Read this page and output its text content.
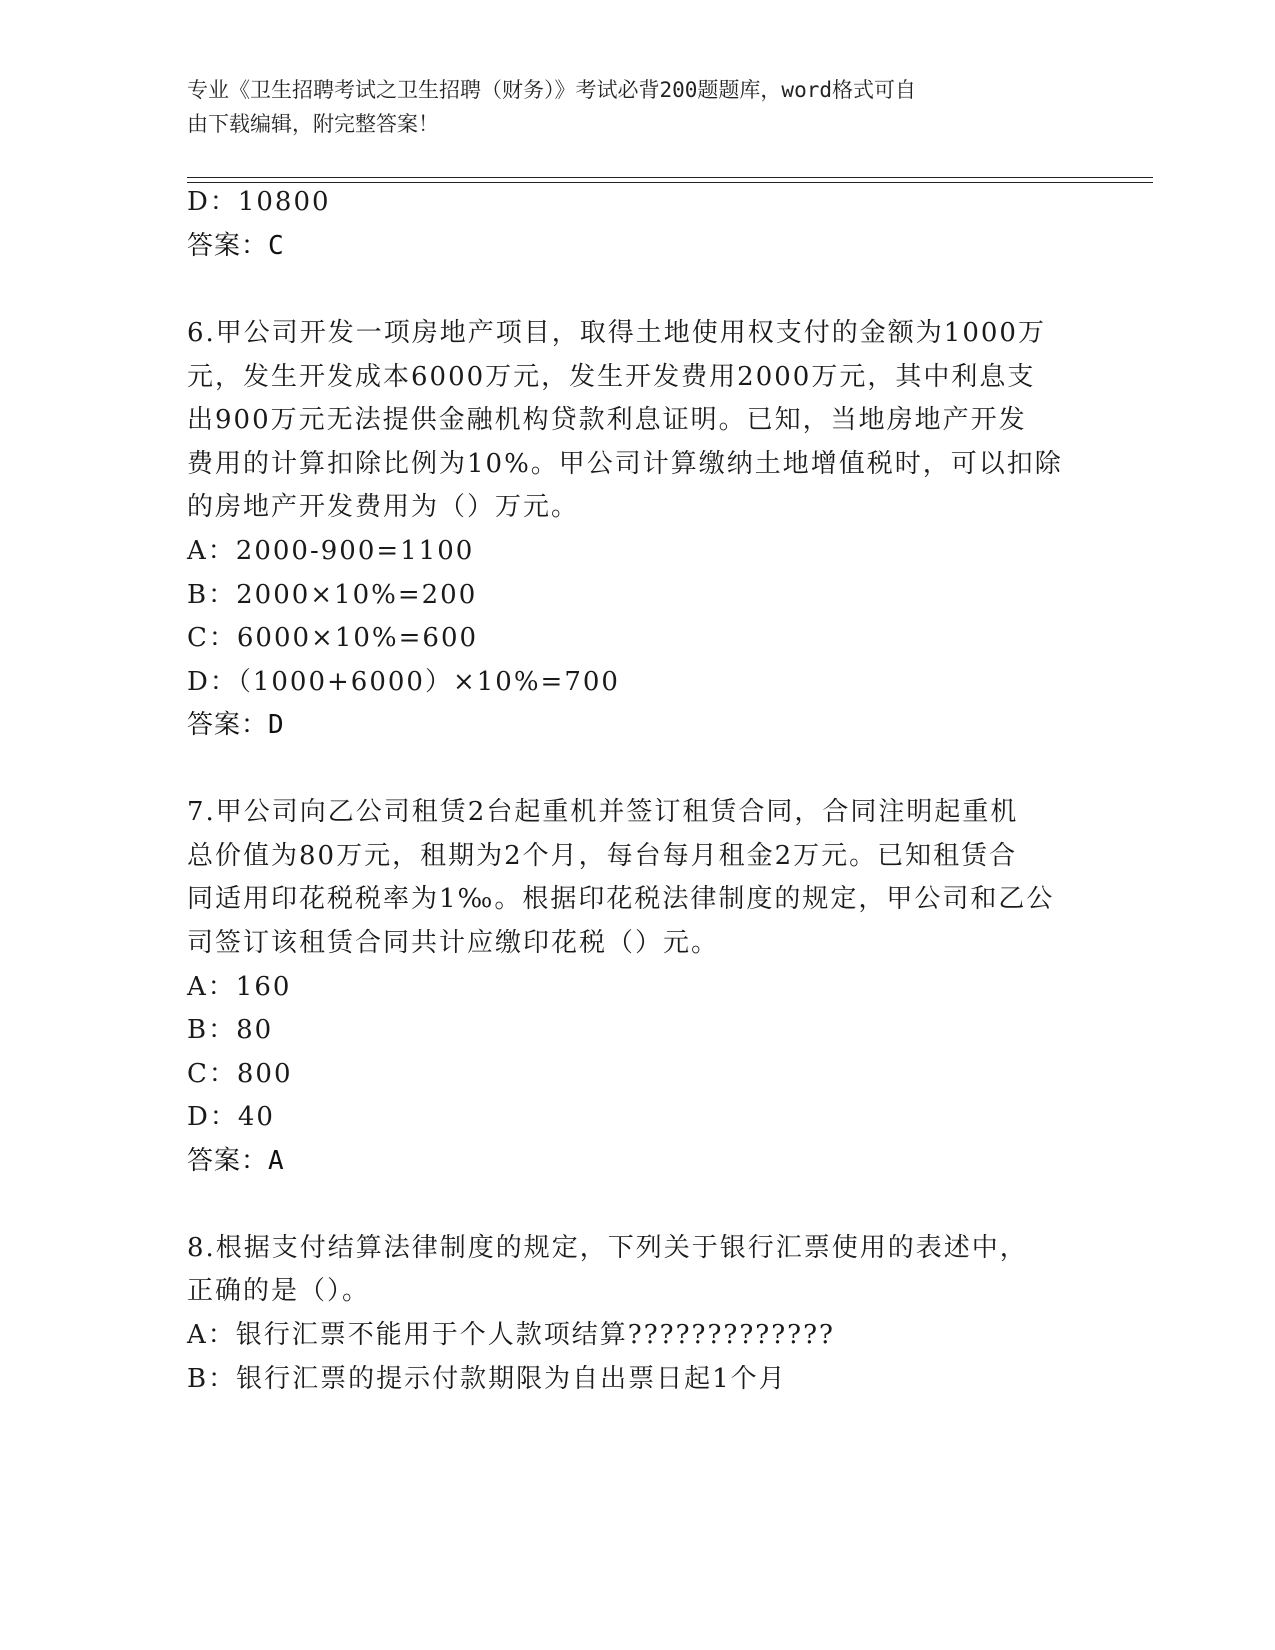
专业《卫生招聘考试之卫生招聘（财务）》考试必背200题题库，word格式可自
由下载编辑，附完整答案！
D：10800
答案：C
6.甲公司开发一项房地产项目，取得土地使用权支付的金额为1000万
元，发生开发成本6000万元，发生开发费用2000万元，其中利息支
出900万元无法提供金融机构贷款利息证明。已知，当地房地产开发
费用的计算扣除比例为10%。甲公司计算缴纳土地增值税时，可以扣除
的房地产开发费用为（）万元。
A：2000-900=1100
B：2000×10%=200
C：6000×10%=600
D：（1000+6000）×10%=700
答案：D
7.甲公司向乙公司租赁2台起重机并签订租赁合同，合同注明起重机
总价值为80万元，租期为2个月，每台每月租金2万元。已知租赁合
同适用印花税税率为1‰。根据印花税法律制度的规定，甲公司和乙公
司签订该租赁合同共计应缴印花税（）元。
A：160
B：80
C：800
D：40
答案：A
8.根据支付结算法律制度的规定，下列关于银行汇票使用的表述中，
正确的是（）。
A：银行汇票不能用于个人款项结算?????????????
B：银行汇票的提示付款期限为自出票日起1个月
